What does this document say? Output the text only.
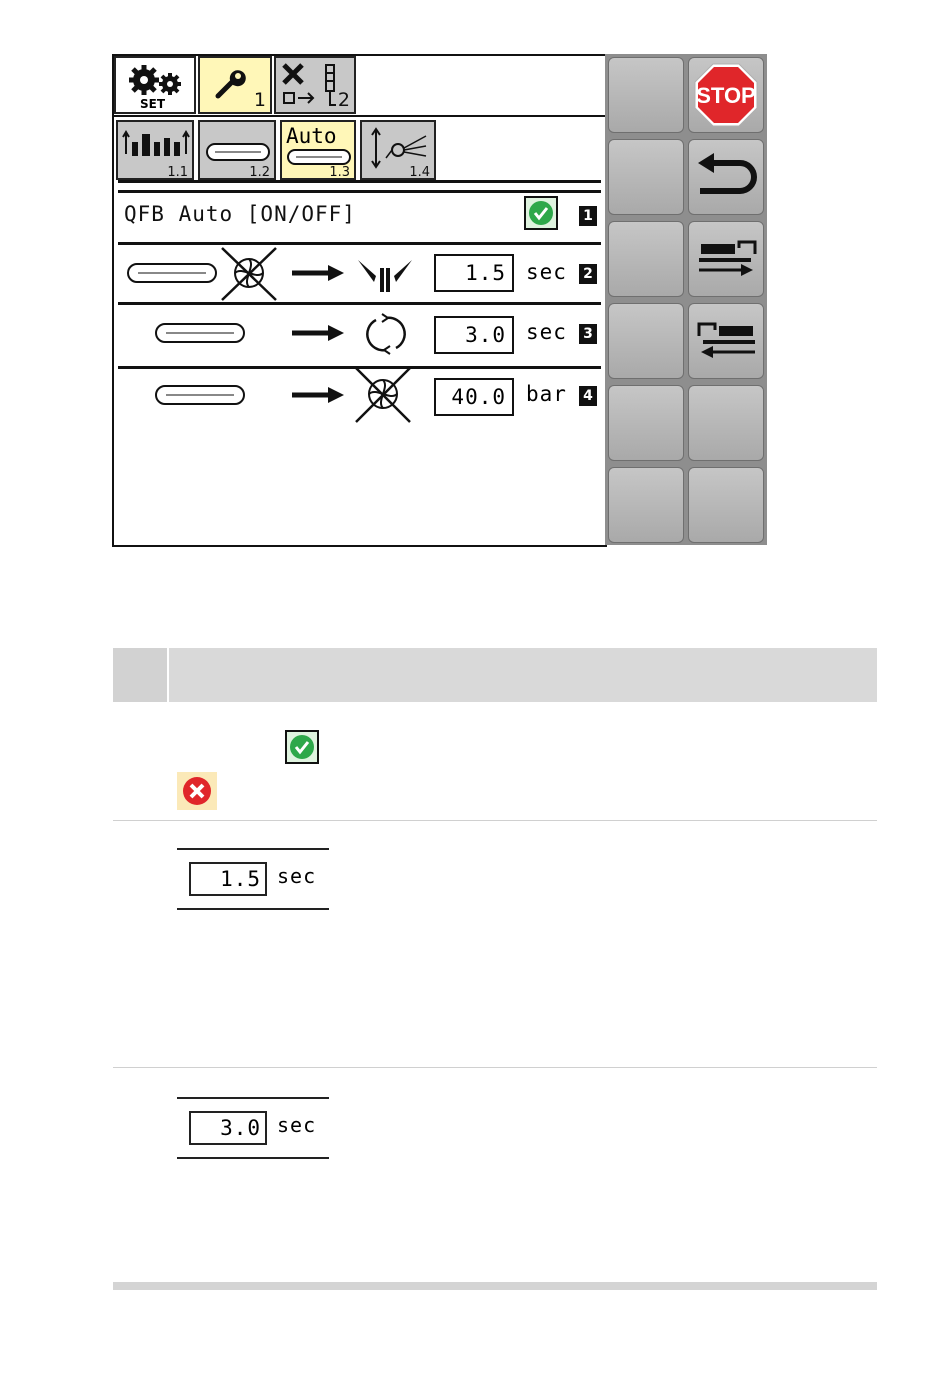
SET	1	2
1.1	1.2
Auto
1.3	1.4
QFB Auto [ON/OFF]	1
1.5 sec 2
3.0 sec 3
40.0 bar 4
STOP
1.5 sec
3.0 sec
